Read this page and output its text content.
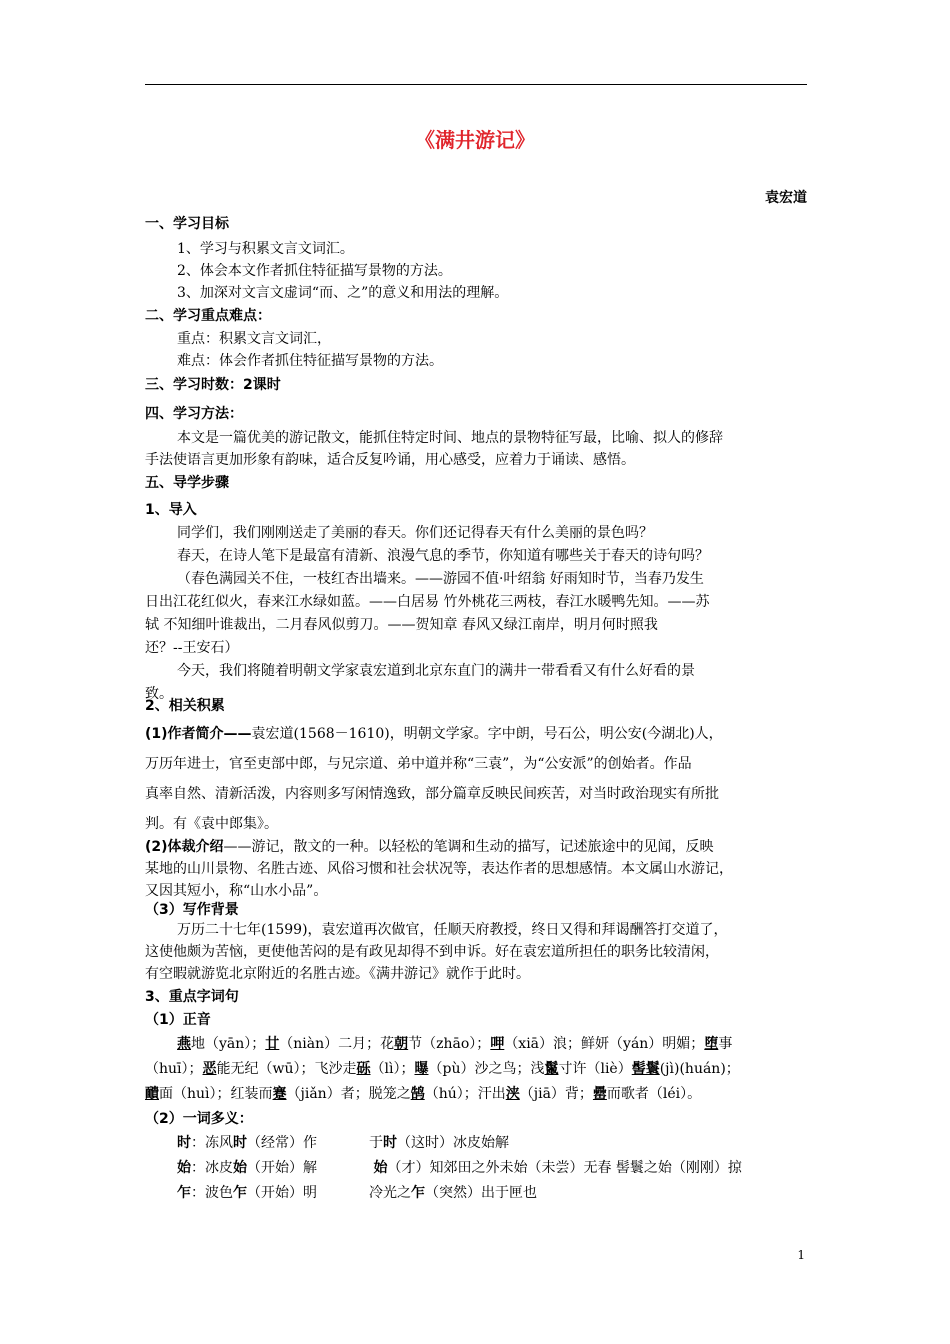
《满井游记》
袁宏道
一、学习目标
1、学习与积累文言文词汇。
2、体会本文作者抓住特征描写景物的方法。
3、加深对文言文虚词“而、之”的意义和用法的理解。
二、学习重点难点：
重点：积累文言文词汇，
难点：体会作者抓住特征描写景物的方法。
三、学习时数：2课时
四、学习方法：
本文是一篇优美的游记散文，能抓住特定时间、地点的景物特征写最，比喻、拟人的修辞
手法使语言更加形象有韵味，适合反复吟诵，用心感受，应着力于诵读、感悟。
五、导学步骤
1、导入
同学们，我们刚刚送走了美丽的春天。你们还记得春天有什么美丽的景色吗？
春天，在诗人笔下是最富有清新、浪漫气息的季节，你知道有哪些关于春天的诗句吗？
（春色满园关不住，一枝红杏出墙来。——游园不值·叶绍翁 好雨知时节，当春乃发生
日出江花红似火，春来江水绿如蓝。——白居易 竹外桃花三两枝，春江水暖鸭先知。——苏
轼 不知细叶谁裁出，二月春风似剪刀。——贺知章 春风又绿江南岸，明月何时照我
还？--王安石）
今天，我们将随着明朝文学家袁宏道到北京东直门的满井一带看看又有什么好看的景
致。
2、相关积累
(1)作者简介——袁宏道(1568－1610)，明朝文学家。字中朗，号石公，明公安(今湖北)人，
万历年进士，官至吏部中郎，与兄宗道、弟中道并称“三袁”，为“公安派”的创始者。作品
真率自然、清新活泼，内容则多写闲情逸致，部分篇章反映民间疾苦，对当时政治现实有所批
判。有《袁中郎集》。
(2)体裁介绍——游记，散文的一种。以轻松的笔调和生动的描写，记述旅途中的见闻，反映
某地的山川景物、名胜古迹、风俗习惯和社会状况等，表达作者的思想感情。本文属山水游记，
又因其短小，称“山水小品”。
（3）写作背景
万历二十七年(1599)，袁宏道再次做官，任顺天府教授，终日又得和拜谒酬答打交道了，
这使他颇为苦恼，更使他苦闷的是有政见却得不到申诉。好在袁宏道所担任的职务比较清闲，
有空暇就游览北京附近的名胜古迹。《满井游记》就作于此时。
3、重点字词句
（1）正音
燕地（yān）；廿（niàn）二月；花朝节（zhāo）；呷（xiā）浪；鲜妍（yán）明媚；堕事
（huī）；恶能无纪（wū）；飞沙走砾（lì）；曝（pù）沙之鸟；浅鬣寸许（liè）髻鬟(jì)(huán)；
靧面（huì）；红装而蹇（jiǎn）者；脱笼之鹄（hú）；汗出浃（jiā）背；罍而歌者（léi）。
（2）一词多义：
时：冻风时（经常）作	于时（这时）冰皮始解
始：冰皮始（开始）解	始（才）知郊田之外未始（未尝）无春 髻鬟之始（刚刚）掠
乍：波色乍（开始）明	冷光之乍（突然）出于匣也
1
